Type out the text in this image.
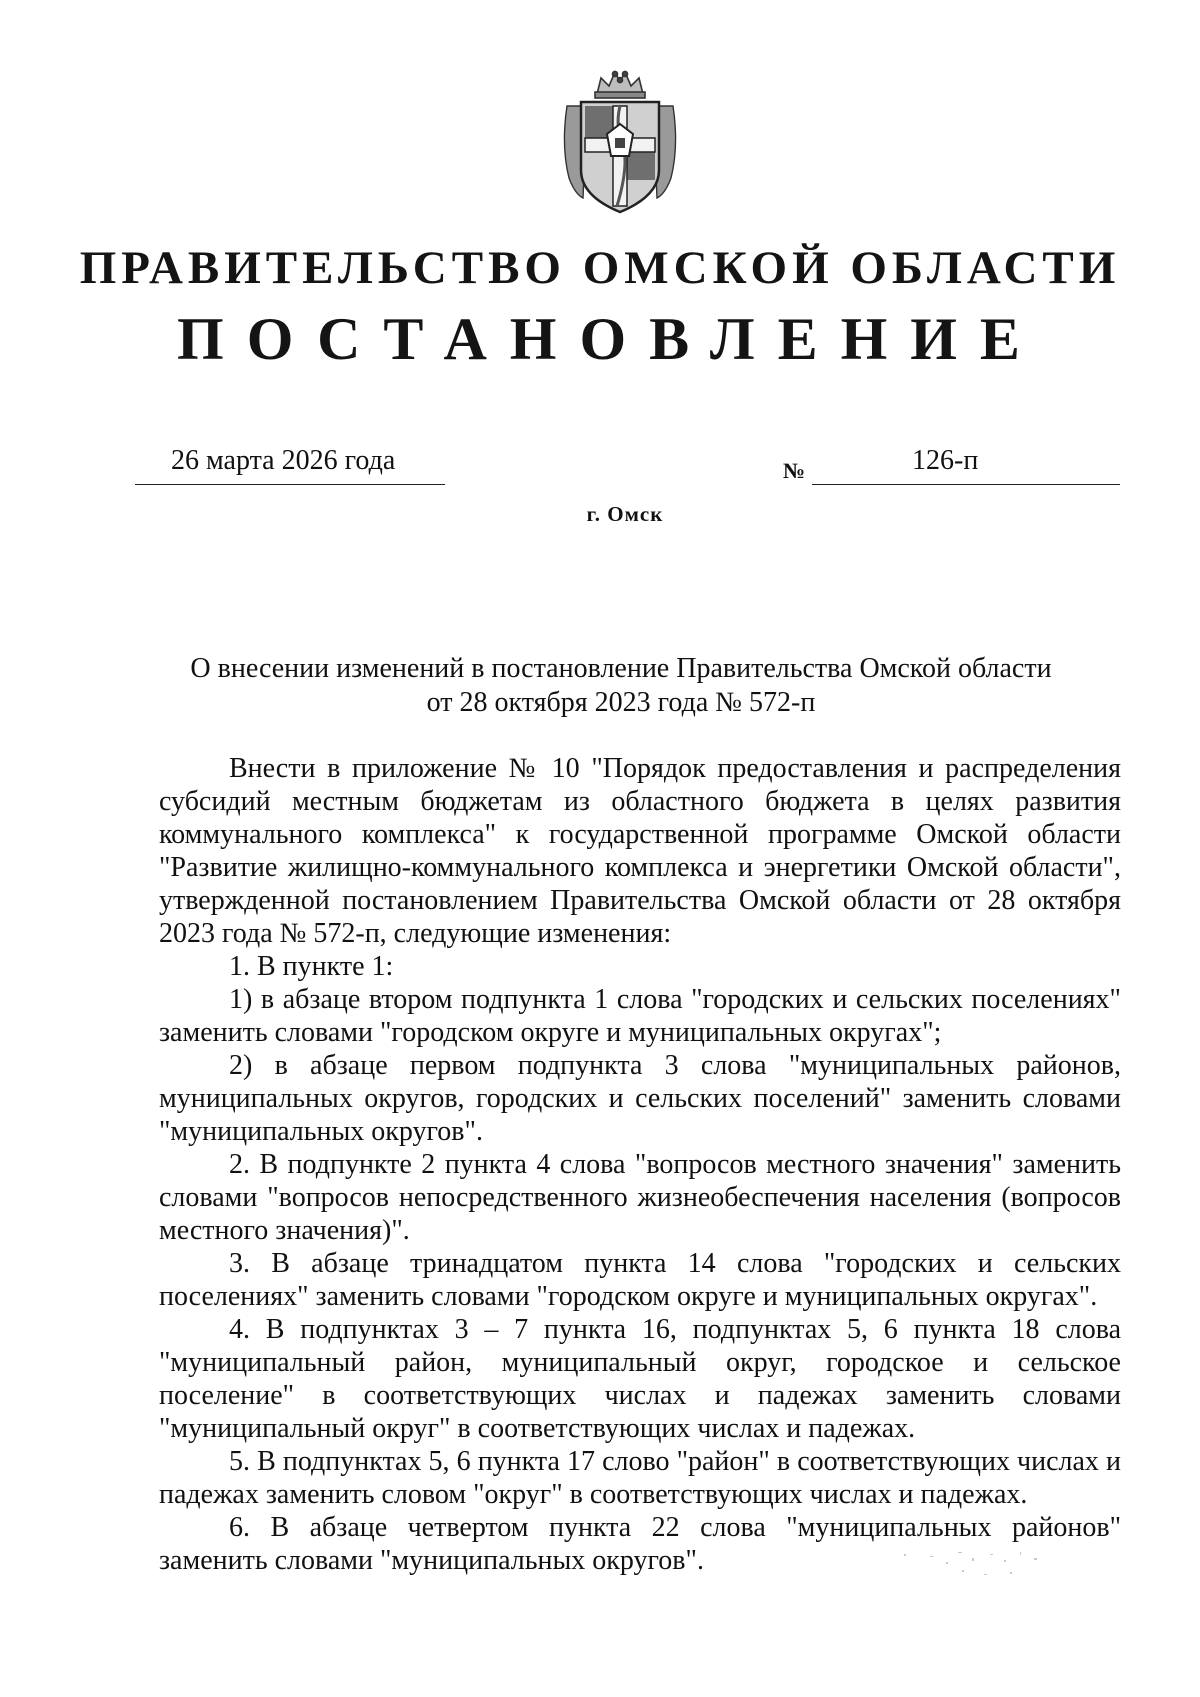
ПРАВИТЕЛЬСТВО ОМСКОЙ ОБЛАСТИ
ПОСТАНОВЛЕНИЕ
26 марта 2026 года	№	126-п
г. Омск
О внесении изменений в постановление Правительства Омской области
от 28 октября 2023 года № 572-п

Внести в приложение № 10 "Порядок предоставления и распределения субсидий местным бюджетам из областного бюджета в целях развития коммунального комплекса" к государственной программе Омской области "Развитие жилищно-коммунального комплекса и энергетики Омской области", утвержденной постановлением Правительства Омской области от 28 октября 2023 года № 572-п, следующие изменения:

1. В пункте 1:

1) в абзаце втором подпункта 1 слова "городских и сельских поселениях" заменить словами "городском округе и муниципальных округах";

2) в абзаце первом подпункта 3 слова "муниципальных районов, муниципальных округов, городских и сельских поселений" заменить словами "муниципальных округов".

2. В подпункте 2 пункта 4 слова "вопросов местного значения" заменить словами "вопросов непосредственного жизнеобеспечения населения (вопросов местного значения)".

3. В абзаце тринадцатом пункта 14 слова "городских и сельских поселениях" заменить словами "городском округе и муниципальных округах".

4. В подпунктах 3 – 7 пункта 16, подпунктах 5, 6 пункта 18 слова "муниципальный район, муниципальный округ, городское и сельское поселение" в соответствующих числах и падежах заменить словами "муниципальный округ" в соответствующих числах и падежах.

5. В подпунктах 5, 6 пункта 17 слово "район" в соответствующих числах и падежах заменить словом "округ" в соответствующих числах и падежах.

6. В абзаце четвертом пункта 22 слова "муниципальных районов" заменить словами "муниципальных округов".
